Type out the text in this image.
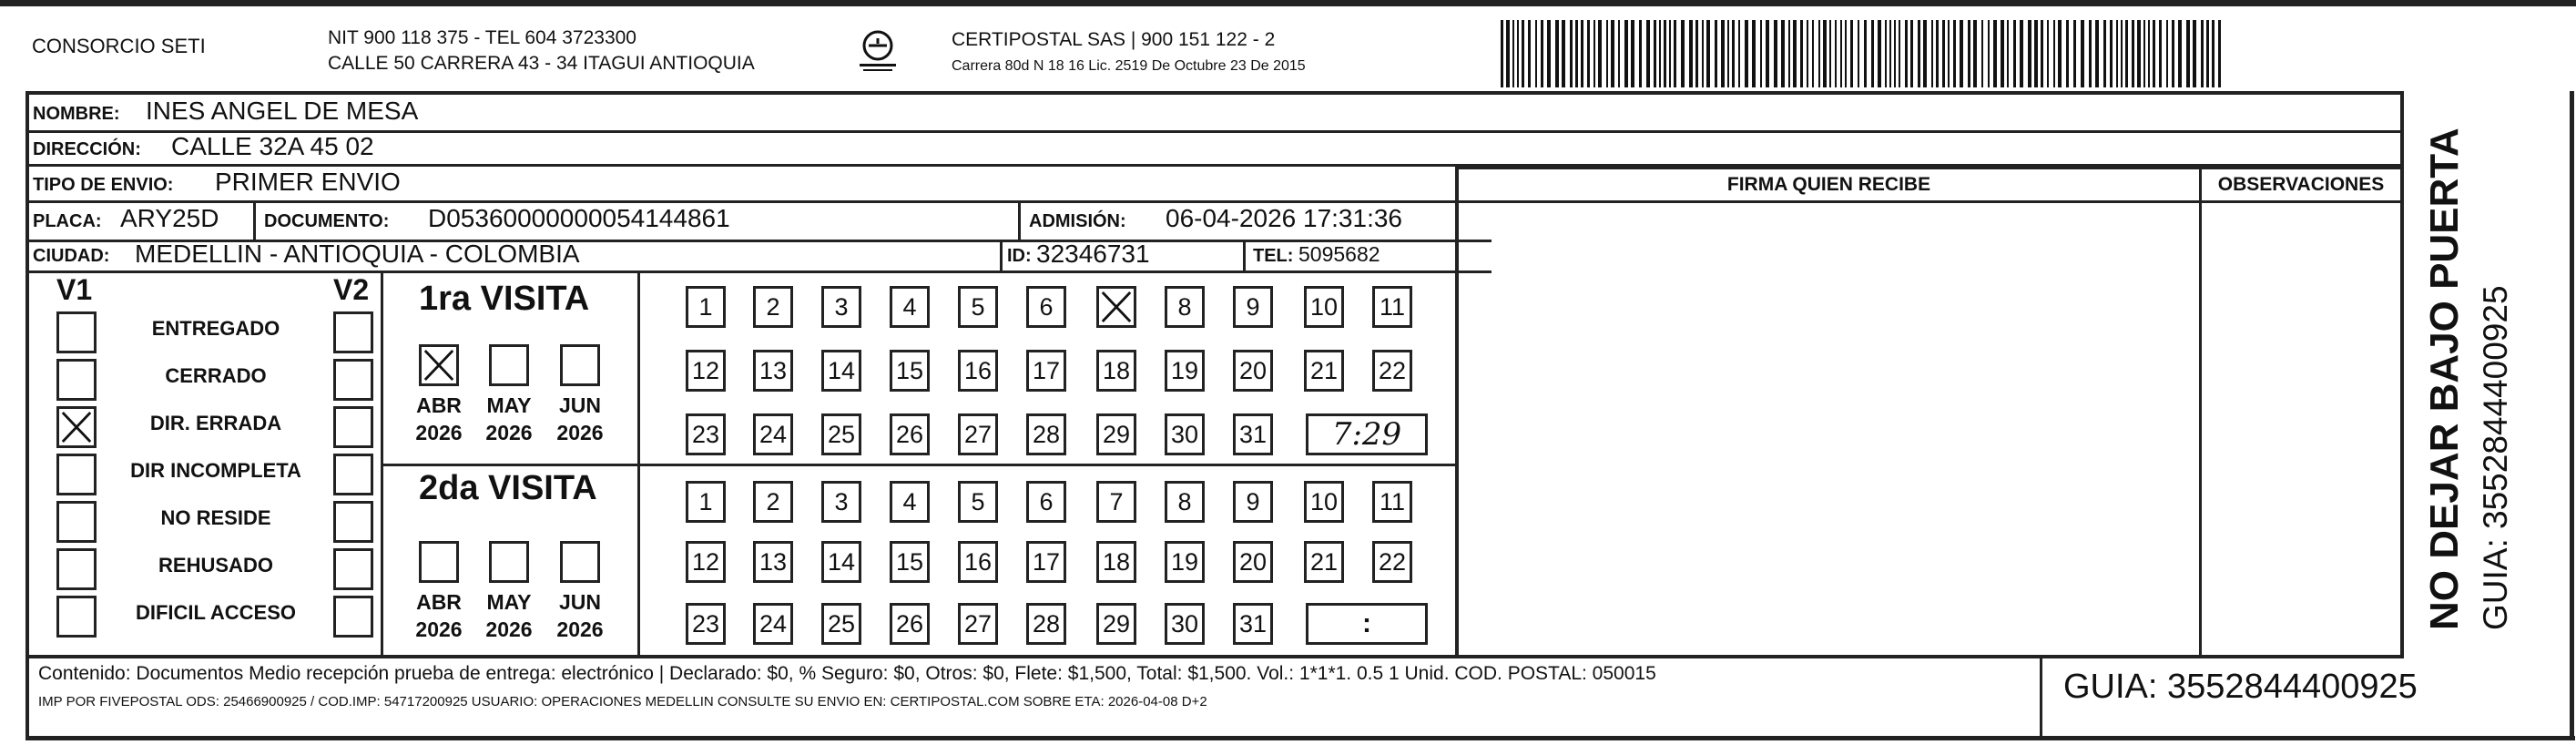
CONSORCIO SETI	NIT 900 118 375 - TEL 604 3723300
CALLE 50 CARRERA 43 - 34 ITAGUI ANTIOQUIA
CERTIPOSTAL SAS | 900 151 122 - 2
Carrera 80d N 18 16 Lic. 2519 De Octubre 23 De 2015
NOMBRE: INES ANGEL DE MESA
DIRECCIÓN: CALLE 32A 45 02
TIPO DE ENVIO: PRIMER ENVIO
PLACA: ARY25D DOCUMENTO: D05360000000054144861	ADMISIÓN: 06-04-2026 17:31:36
CIUDAD: MEDELLIN - ANTIOQUIA - COLOMBIA	ID: 32346731	TEL: 5095682
FIRMA QUIEN RECIBE	OBSERVACIONES
V1	V2
ENTREGADO
CERRADO
DIR. ERRADA
DIR INCOMPLETA
NO RESIDE
REHUSADO
DIFICIL ACCESO
1ra VISITA
2da VISITA
ABR
2026
MAY
2026
JUN
2026
ABR
2026
MAY
2026
JUN
2026
1 2 3 4 5 6	8 9 10 11
12 13 14 15 16 17 18 19 20 21 22
23 24 25 26 27 28 29 30 31 7:29
1 2 3 4 5 6 7 8 9 10 11
12 13 14 15 16 17 18 19 20 21 22
23 24 25 26 27 28 29 30 31	:
Contenido: Documentos Medio recepción prueba de entrega: electrónico | Declarado: $0, % Seguro: $0, Otros: $0, Flete: $1,500, Total: $1,500. Vol.: 1*1*1. 0.5 1 Unid. COD. POSTAL: 050015
IMP POR FIVEPOSTAL ODS: 25466900925 / COD.IMP: 54717200925 USUARIO: OPERACIONES MEDELLIN CONSULTE SU ENVIO EN: CERTIPOSTAL.COM SOBRE ETA: 2026-04-08 D+2	GUIA: 3552844400925
NO DEJAR BAJO PUERTA GUIA: 3552844400925
